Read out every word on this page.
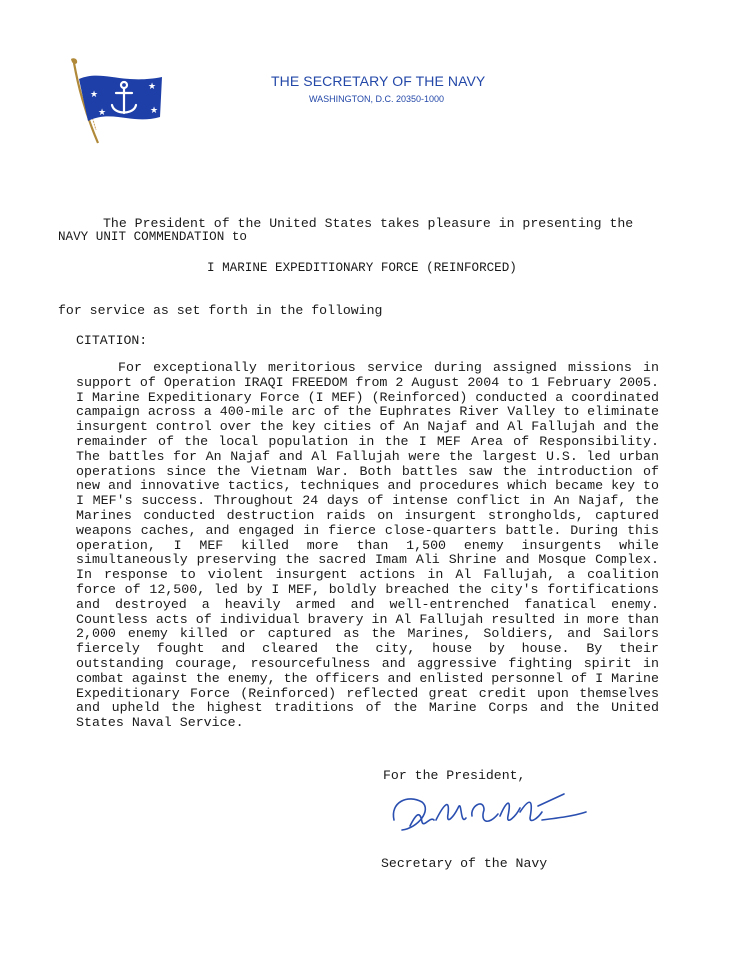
★
★
★	★
THE SECRETARY OF THE NAVY
WASHINGTON, D.C. 20350-1000
The President of the United States takes pleasure in presenting the
NAVY UNIT COMMENDATION to
I MARINE EXPEDITIONARY FORCE (REINFORCED)
for service as set forth in the following
CITATION:
For exceptionally meritorious service during assigned missions in support of Operation IRAQI FREEDOM from 2 August 2004 to 1 February 2005. I Marine Expeditionary Force (I MEF) (Reinforced) conducted a coordinated campaign across a 400-mile arc of the Euphrates River Valley to eliminate insurgent control over the key cities of An Najaf and Al Fallujah and the remainder of the local population in the I MEF Area of Responsibility. The battles for An Najaf and Al Fallujah were the largest U.S. led urban operations since the Vietnam War. Both battles saw the introduction of new and innovative tactics, techniques and procedures which became key to I MEF's success. Throughout 24 days of intense conflict in An Najaf, the Marines conducted destruction raids on insurgent strongholds, captured weapons caches, and engaged in fierce close-quarters battle. During this operation, I MEF killed more than 1,500 enemy insurgents while simultaneously preserving the sacred Imam Ali Shrine and Mosque Complex. In response to violent insurgent actions in Al Fallujah, a coalition force of 12,500, led by I MEF, boldly breached the city's fortifications and destroyed a heavily armed and well-entrenched fanatical enemy. Countless acts of individual bravery in Al Fallujah resulted in more than 2,000 enemy killed or captured as the Marines, Soldiers, and Sailors fiercely fought and cleared the city, house by house. By their outstanding courage, resourcefulness and aggressive fighting spirit in combat against the enemy, the officers and enlisted personnel of I Marine Expeditionary Force (Reinforced) reflected great credit upon themselves and upheld the highest traditions of the Marine Corps and the United States Naval Service.
For the President,
Secretary of the Navy
